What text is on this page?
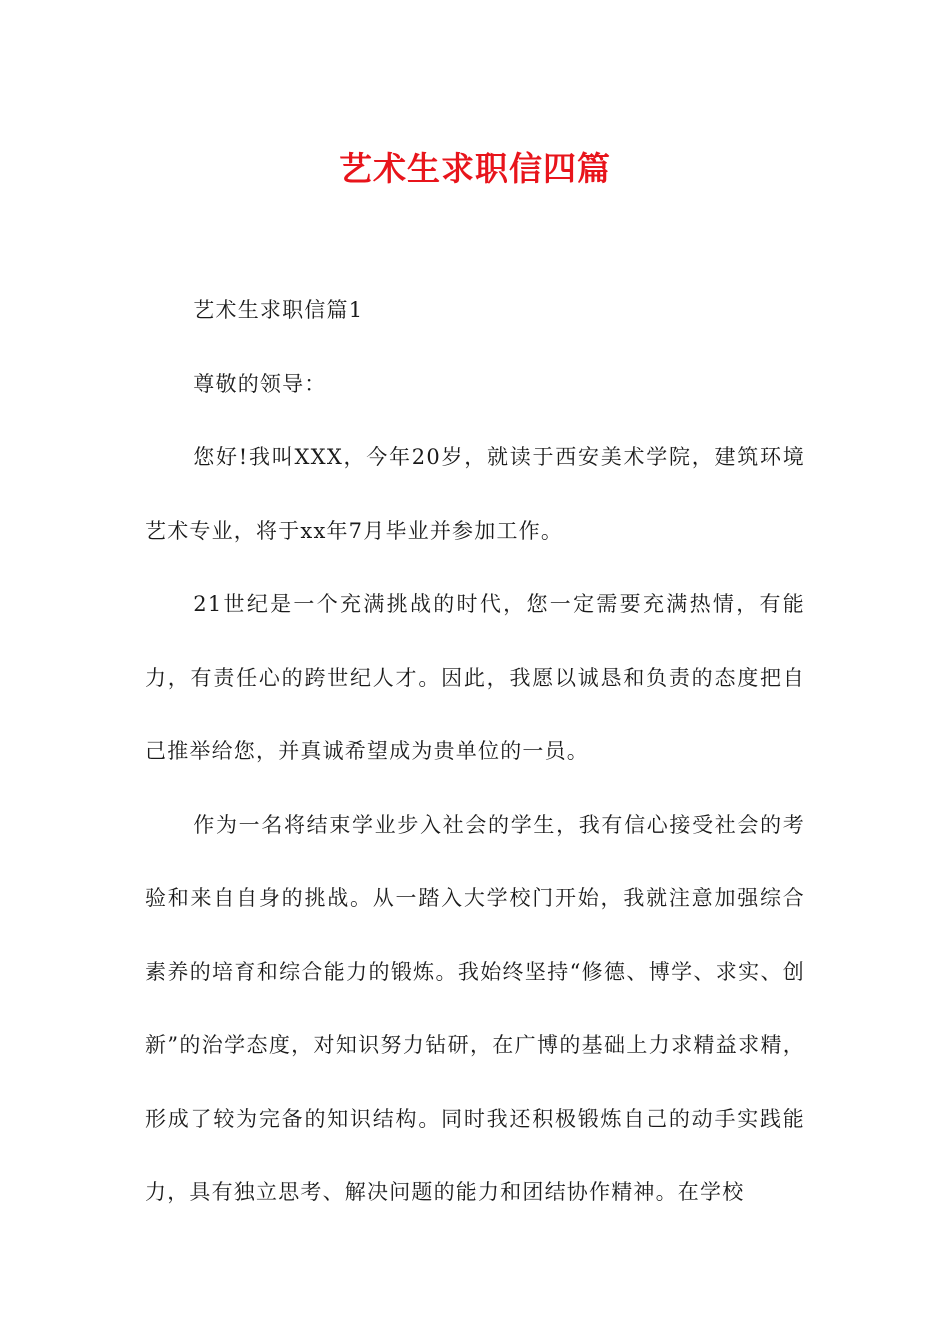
艺术生求职信四篇

艺术生求职信篇1

尊敬的领导：

您好!我叫XXX，今年20岁，就读于西安美术学院，建筑环境艺术专业，将于xx年7月毕业并参加工作。

21世纪是一个充满挑战的时代，您一定需要充满热情，有能力，有责任心的跨世纪人才。因此，我愿以诚恳和负责的态度把自己推举给您，并真诚希望成为贵单位的一员。

作为一名将结束学业步入社会的学生，我有信心接受社会的考验和来自自身的挑战。从一踏入大学校门开始，我就注意加强综合素养的培育和综合能力的锻炼。我始终坚持“修德、博学、求实、创新”的治学态度，对知识努力钻研，在广博的基础上力求精益求精，形成了较为完备的知识结构。同时我还积极锻炼自己的动手实践能力，具有独立思考、解决问题的能力和团结协作精神。在学校
